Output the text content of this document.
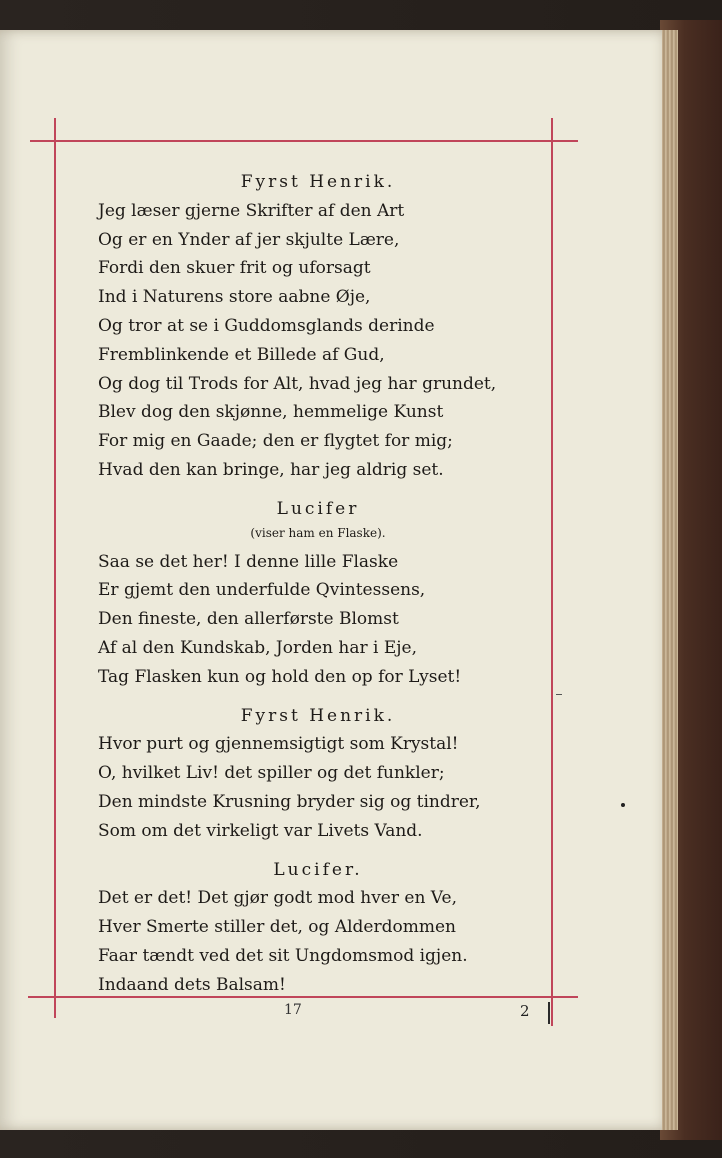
Fyrst Henrik.
Jeg læser gjerne Skrifter af den Art
Og er en Ynder af jer skjulte Lære,
Fordi den skuer frit og uforsagt
Ind i Naturens store aabne Øje,
Og tror at se i Guddomsglands derinde
Fremblinkende et Billede af Gud,
Og dog til Trods for Alt, hvad jeg har grundet,
Blev dog den skjønne, hemmelige Kunst
For mig en Gaade; den er flygtet for mig;
Hvad den kan bringe, har jeg aldrig set.
Lucifer
(viser ham en Flaske).
Saa se det her! I denne lille Flaske
Er gjemt den underfulde Qvintessens,
Den fineste, den allerførste Blomst
Af al den Kundskab, Jorden har i Eje,
Tag Flasken kun og hold den op for Lyset!
Fyrst Henrik.
Hvor purt og gjennemsigtigt som Krystal!
O, hvilket Liv! det spiller og det funkler;
Den mindste Krusning bryder sig og tindrer,
Som om det virkeligt var Livets Vand.
Lucifer.
Det er det! Det gjør godt mod hver en Ve,
Hver Smerte stiller det, og Alderdommen
Faar tændt ved det sit Ungdomsmod igjen.
Indaand dets Balsam!
17	2
